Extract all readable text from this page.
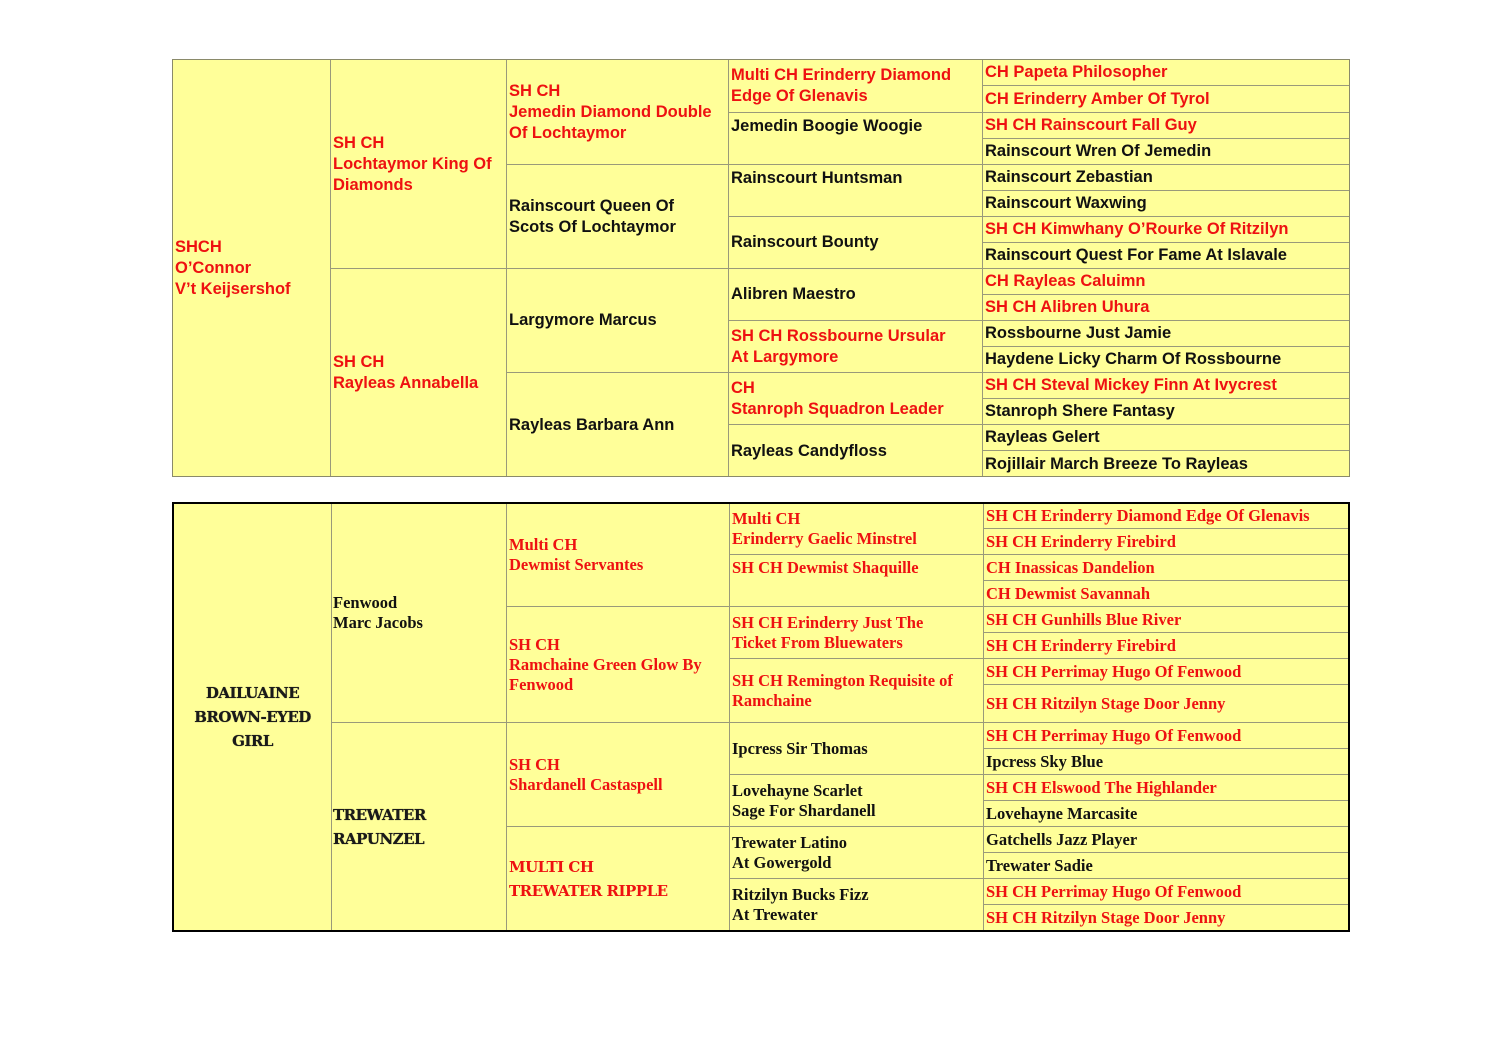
SHCH
O’Connor
V’t Keijsershof
SH CH
Lochtaymor King Of
Diamonds
SH CH
Rayleas Annabella
SH CH
Jemedin Diamond Double
Of Lochtaymor
Rainscourt Queen Of
Scots Of Lochtaymor
Largymore Marcus
Rayleas Barbara Ann
Multi CH Erinderry Diamond
Edge Of Glenavis
Jemedin Boogie Woogie
Rainscourt Huntsman
Rainscourt Bounty
Alibren Maestro
SH CH Rossbourne Ursular
At Largymore
CH
Stanroph Squadron Leader
Rayleas Candyfloss
CH Papeta Philosopher
CH Erinderry Amber Of Tyrol
SH CH Rainscourt Fall Guy
Rainscourt Wren Of Jemedin
Rainscourt Zebastian
Rainscourt Waxwing
SH CH Kimwhany O’Rourke Of Ritzilyn
Rainscourt Quest For Fame At Islavale
CH Rayleas Caluimn
SH CH Alibren Uhura
Rossbourne Just Jamie
Haydene Licky Charm Of Rossbourne
SH CH Steval Mickey Finn At Ivycrest
Stanroph Shere Fantasy
Rayleas Gelert
Rojillair March Breeze To Rayleas
DAILUAINE
BROWN-EYED GIRL
Fenwood
Marc Jacobs
TREWATER
RAPUNZEL
Multi CH
Dewmist Servantes
SH CH
Ramchaine Green Glow By
Fenwood
SH CH
Shardanell Castaspell
MULTI CH
TREWATER RIPPLE
Multi CH
Erinderry Gaelic Minstrel
SH CH Dewmist Shaquille
SH CH Erinderry Just The
Ticket From Bluewaters
SH CH Remington Requisite of
Ramchaine
Ipcress Sir Thomas
Lovehayne Scarlet
Sage For Shardanell
Trewater Latino
At Gowergold
Ritzilyn Bucks Fizz
At Trewater
SH CH Erinderry Diamond Edge Of Glenavis
SH CH Erinderry Firebird
CH Inassicas Dandelion
CH Dewmist Savannah
SH CH Gunhills Blue River
SH CH Erinderry Firebird
SH CH Perrimay Hugo Of Fenwood
SH CH Ritzilyn Stage Door Jenny
SH CH Perrimay Hugo Of Fenwood
Ipcress Sky Blue
SH CH Elswood The Highlander
Lovehayne Marcasite
Gatchells Jazz Player
Trewater Sadie
SH CH Perrimay Hugo Of Fenwood
SH CH Ritzilyn Stage Door Jenny
